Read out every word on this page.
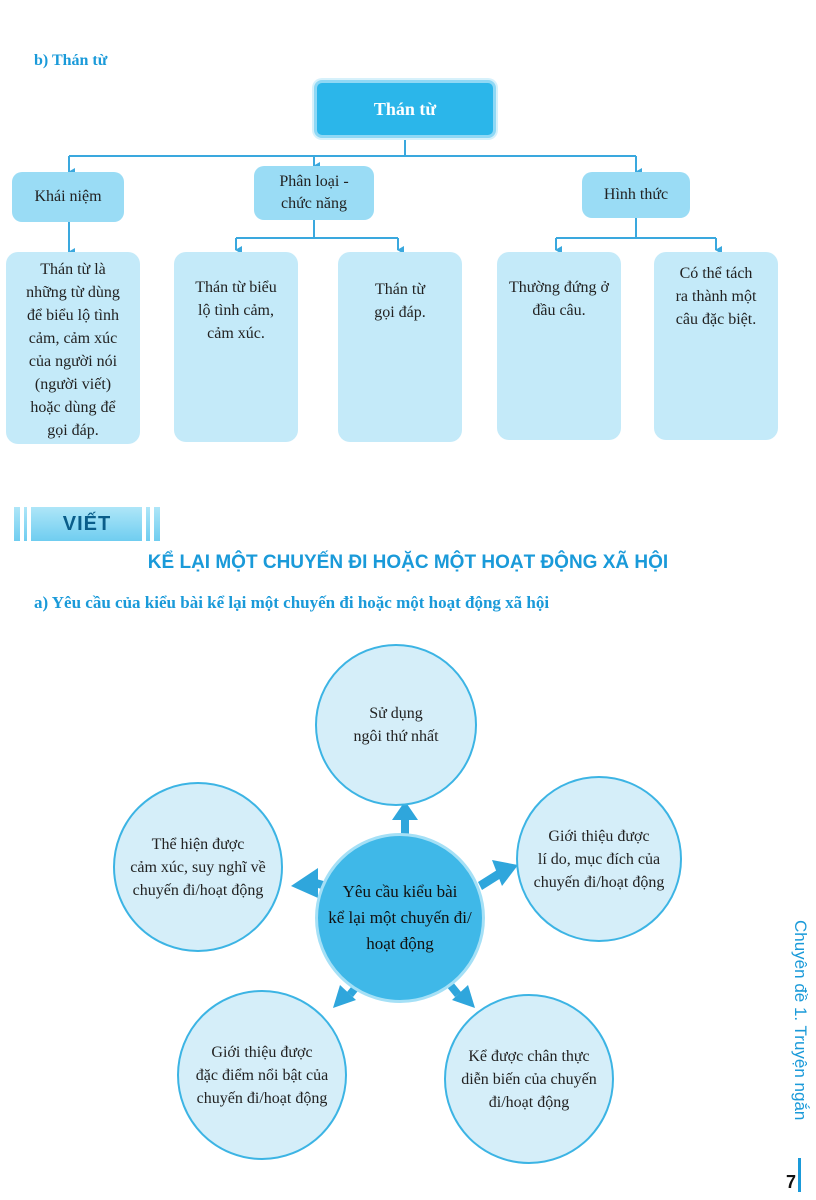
b) Thán từ
Thán từ
Khái niệm
Phân loại -
chức năng
Hình thức
Thán từ là
những từ dùng
để biểu lộ tình
cảm, cảm xúc
của người nói
(người viết)
hoặc dùng để
gọi đáp.
Thán từ biểu
lộ tình cảm,
cảm xúc.
Thán từ
gọi đáp.
Thường đứng ở
đầu câu.
Có thể tách
ra thành một
câu đặc biệt.
VIẾT
KỂ LẠI MỘT CHUYẾN ĐI HOẶC MỘT HOẠT ĐỘNG XÃ HỘI
a) Yêu cầu của kiểu bài kể lại một chuyến đi hoặc một hoạt động xã hội
Sử dụng
ngôi thứ nhất
Thể hiện được
cảm xúc, suy nghĩ về
chuyến đi/hoạt động
Giới thiệu được
lí do, mục đích của
chuyến đi/hoạt động
Yêu cầu kiểu bài
kể lại một chuyến đi/
hoạt động
Giới thiệu được
đặc điểm nổi bật của
chuyến đi/hoạt động
Kể được chân thực
diễn biến của chuyến
đi/hoạt động	Chuyên đề 1. Truyện ngắn
7
